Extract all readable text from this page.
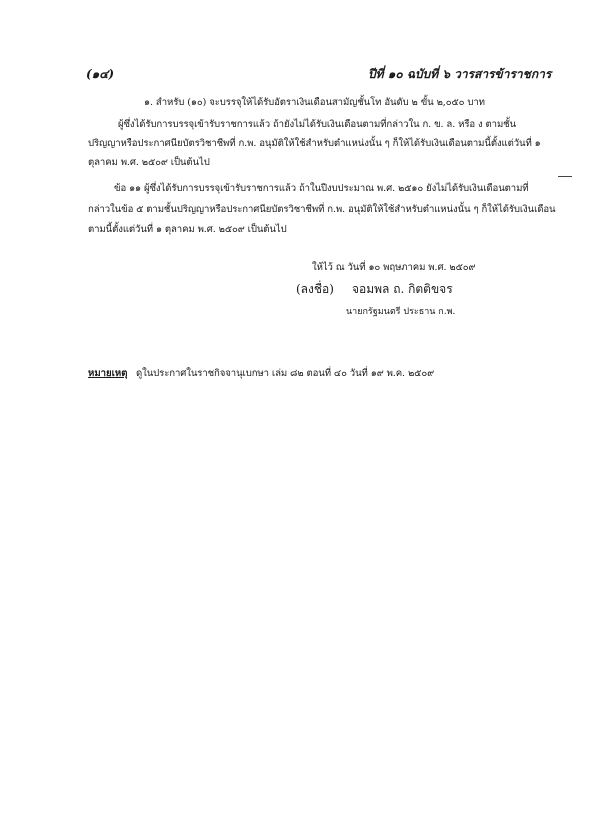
(๑๔)	ปีที่ ๑๐ ฉบับที่ ๖ วารสารข้าราชการ
๑. สำหรับ (๑๐) จะบรรจุให้ได้รับอัตราเงินเดือนสามัญชั้นโท อันดับ ๒ ขั้น ๒,๐๕๐ บาท
ผู้ซึ่งได้รับการบรรจุเข้ารับราชการแล้ว ถ้ายังไม่ได้รับเงินเดือนตามที่กล่าวใน ก. ข. ล. หรือ ง ตามชั้น
ปริญญาหรือประกาศนียบัตรวิชาชีพที่ ก.พ. อนุมัติให้ใช้สำหรับตำแหน่งนั้น ๆ ก็ให้ได้รับเงินเดือนตามนี้ตั้งแต่วันที่ ๑
ตุลาคม พ.ศ. ๒๕๐๙ เป็นต้นไป
ข้อ ๑๑ ผู้ซึ่งได้รับการบรรจุเข้ารับราชการแล้ว ถ้าในปีงบประมาณ พ.ศ. ๒๕๑๐ ยังไม่ได้รับเงินเดือนตามที่
กล่าวในข้อ ๕ ตามชั้นปริญญาหรือประกาศนียบัตรวิชาชีพที่ ก.พ. อนุมัติให้ใช้สำหรับตำแหน่งนั้น ๆ ก็ให้ได้รับเงินเดือน
ตามนี้ตั้งแต่วันที่ ๑ ตุลาคม พ.ศ. ๒๕๐๙ เป็นต้นไป
ให้ไว้ ณ วันที่ ๑๐ พฤษภาคม พ.ศ. ๒๕๐๙
(ลงชื่อ) จอมพล ถ. กิตติขจร
นายกรัฐมนตรี ประธาน ก.พ.
หมายเหตุ ดูในประกาศในราชกิจจานุเบกษา เล่ม ๘๒ ตอนที่ ๔๐ วันที่ ๑๙ พ.ค. ๒๕๐๙
